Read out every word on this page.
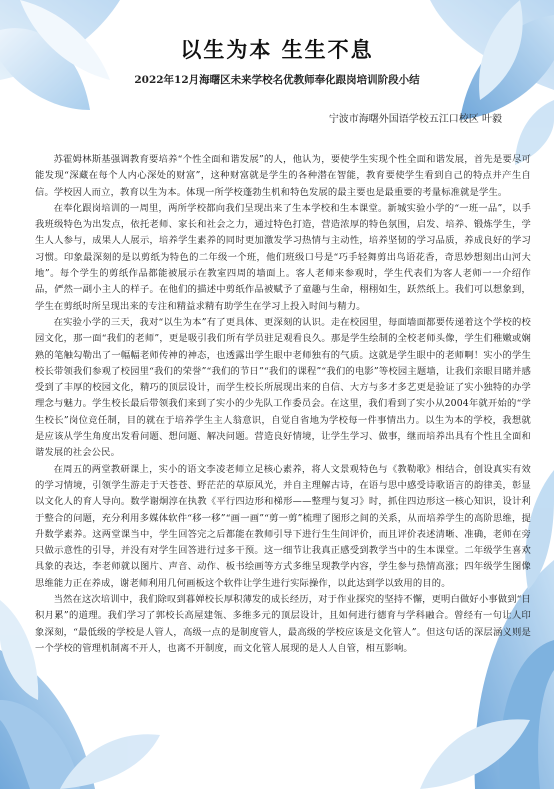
以生为本 生生不息
2022年12月海曙区未来学校名优教师奉化跟岗培训阶段小结
宁波市海曙外国语学校五江口校区 叶毅

苏霍姆林斯基强调教育要培养“个性全面和谐发展”的人，他认为，要使学生实现个性全面和谐发展，首先是要尽可能发现“深藏在每个人内心深处的财富”，这种财富就是学生的各种潜在智能，教育要使学生看到自己的特点并产生自信。学校因人而立，教育以生为本。体现一所学校蓬勃生机和特色发展的最主要也是最重要的考量标准就是学生。

在奉化跟岗培训的一周里，两所学校都向我们呈现出来了生本学校和生本课堂。新城实验小学的“一班一品”，以手我班级特色为出发点，依托老师、家长和社会之力，通过特色打造，营造浓厚的特色氛围，启发、培养、锻炼学生，学生人人参与，成果人人展示，培养学生素养的同时更加激发学习热情与主动性，培养坚韧的学习品质，养成良好的学习习惯。印象最深刻的是以剪纸为特色的二年级一个班，他们班级口号是“巧手轻舞剪出鸟语花香，奇思妙想刻出山河大地”。每个学生的剪纸作品都能被展示在教室四周的墙面上。客人老师来参观时，学生代表们为客人老师一一介绍作品，俨然一副小主人的样子。在他们的描述中剪纸作品被赋予了童趣与生命，栩栩如生，跃然纸上。我们可以想象到，学生在剪纸时所呈现出来的专注和精益求精有助学生在学习上投入时间与精力。

在实验小学的三天，我对“以生为本”有了更具体、更深刻的认识。走在校园里，每面墙面都要传递着这个学校的校园文化，那一面“我们的老师”，更是吸引我们所有学员驻足观看良久。那是学生绘制的全校老师头像，学生们稚嫩或娴熟的笔触勾勒出了一幅幅老师传神的神态，也透露出学生眼中老师独有的气质。这就是学生眼中的老师啊！实小的学生校长带领我们参观了校园里“我们的荣誉”“我们的节日”“我们的课程”“我们的电影”等校园主题墙，让我们亲眼目睹并感受到了丰厚的校园文化，精巧的顶层设计，而学生校长所展现出来的自信、大方与多才多艺更是验证了实小独特的办学理念与魅力。学生校长最后带领我们来到了实小的少先队工作委员会。在这里，我们看到了实小从2004年就开始的“学生校长”岗位竞任制，目的就在于培养学生主人翁意识，自觉自省地为学校每一件事情出力。以生为本的学校，我想就是应该从学生角度出发看问题、想问题、解决问题。营造良好情境，让学生学习、做事，继而培养出具有个性且全面和谐发展的社会公民。

在周五的两堂教研课上，实小的语文李凌老师立足核心素养，将人文景观特色与《教勒歌》相结合，创设真实有效的学习情境，引领学生游走于天苍苍、野茫茫的草原风光，并自主理解古诗，在语与思中感受诗歌语言的韵律美，彰显以文化人的育人导向。数学谢炯淳在执教《平行四边形和梯形——整理与复习》时，抓住四边形这一核心知识，设计利于整合的问题，充分利用多媒体软件“移一移”“画一画”“剪一剪”梳理了图形之间的关系，从而培养学生的高阶思维，提升数学素养。这两堂课当中，学生回答完之后都能在教师引导下进行生生间评价，而且评价表述清晰、准确，老师在旁只做示意性的引导，并没有对学生回答进行过多干预。这一细节让我真正感受到教学当中的生本课堂。二年级学生喜欢具象的表达，李老师就以图片、声音、动作、板书绘画等方式多维呈现教学内容，学生参与热情高涨；四年级学生图像思维能力正在养成，谢老师利用几何画板这个软件让学生进行实际操作，以此达到学以致用的目的。

当然在这次培训中，我们除叹到暮婵校长厚积薄发的成长经历，对于作业探究的坚持不懈，更明白做好小事做到“日积月累”的道理。我们学习了郭校长高屋建瓴、多维多元的顶层设计，且如何进行德育与学科融合。曾经有一句让人印象深刻，“最低级的学校是人管人，高级一点的是制度管人，最高级的学校应该是文化管人”。但这句话的深层涵义则是一个学校的管理机制离不开人，也离不开制度，而文化管人展现的是人人自管，相互影响。
